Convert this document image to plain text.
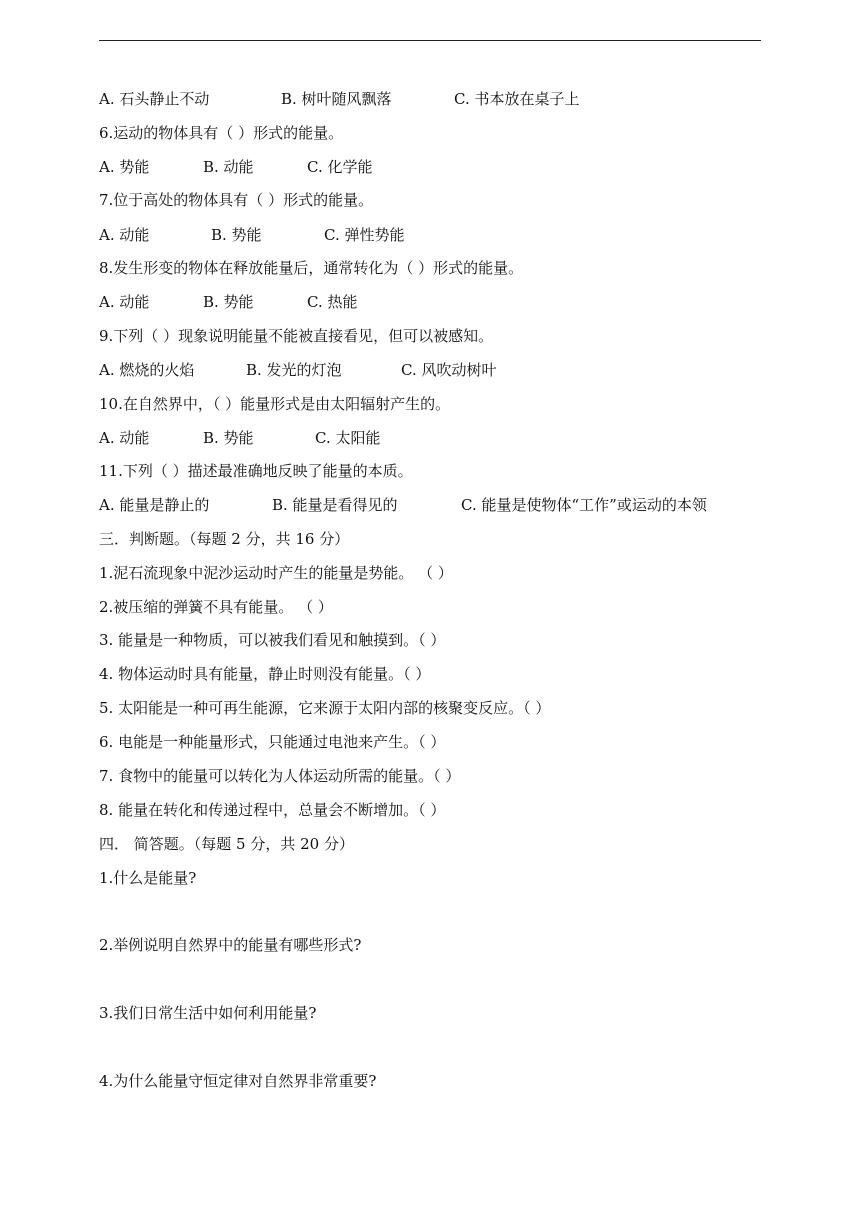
A. 石头静止不动	B. 树叶随风飘落	C. 书本放在桌子上
6.运动的物体具有（ ）形式的能量。
A. 势能	B. 动能	C. 化学能
7.位于高处的物体具有（ ）形式的能量。
A. 动能	B. 势能	C. 弹性势能
8.发生形变的物体在释放能量后，通常转化为（ ）形式的能量。
A. 动能	B. 势能	C. 热能
9.下列（ ）现象说明能量不能被直接看见，但可以被感知。
A. 燃烧的火焰	B. 发光的灯泡	C. 风吹动树叶
10.在自然界中，（ ）能量形式是由太阳辐射产生的。
A. 动能	B. 势能	C. 太阳能
11.下列（ ）描述最准确地反映了能量的本质。
A. 能量是静止的	B. 能量是看得见的	C. 能量是使物体“工作”或运动的本领
三．判断题。（每题 2 分，共 16 分）
1.泥石流现象中泥沙运动时产生的能量是势能。 （ ）
2.被压缩的弹簧不具有能量。 （ ）
3. 能量是一种物质，可以被我们看见和触摸到。（ ）
4. 物体运动时具有能量，静止时则没有能量。（ ）
5. 太阳能是一种可再生能源，它来源于太阳内部的核聚变反应。（ ）
6. 电能是一种能量形式，只能通过电池来产生。（ ）
7. 食物中的能量可以转化为人体运动所需的能量。（ ）
8. 能量在转化和传递过程中，总量会不断增加。（ ）
四． 简答题。（每题 5 分，共 20 分）
1.什么是能量?
2.举例说明自然界中的能量有哪些形式?
3.我们日常生活中如何利用能量?
4.为什么能量守恒定律对自然界非常重要?
